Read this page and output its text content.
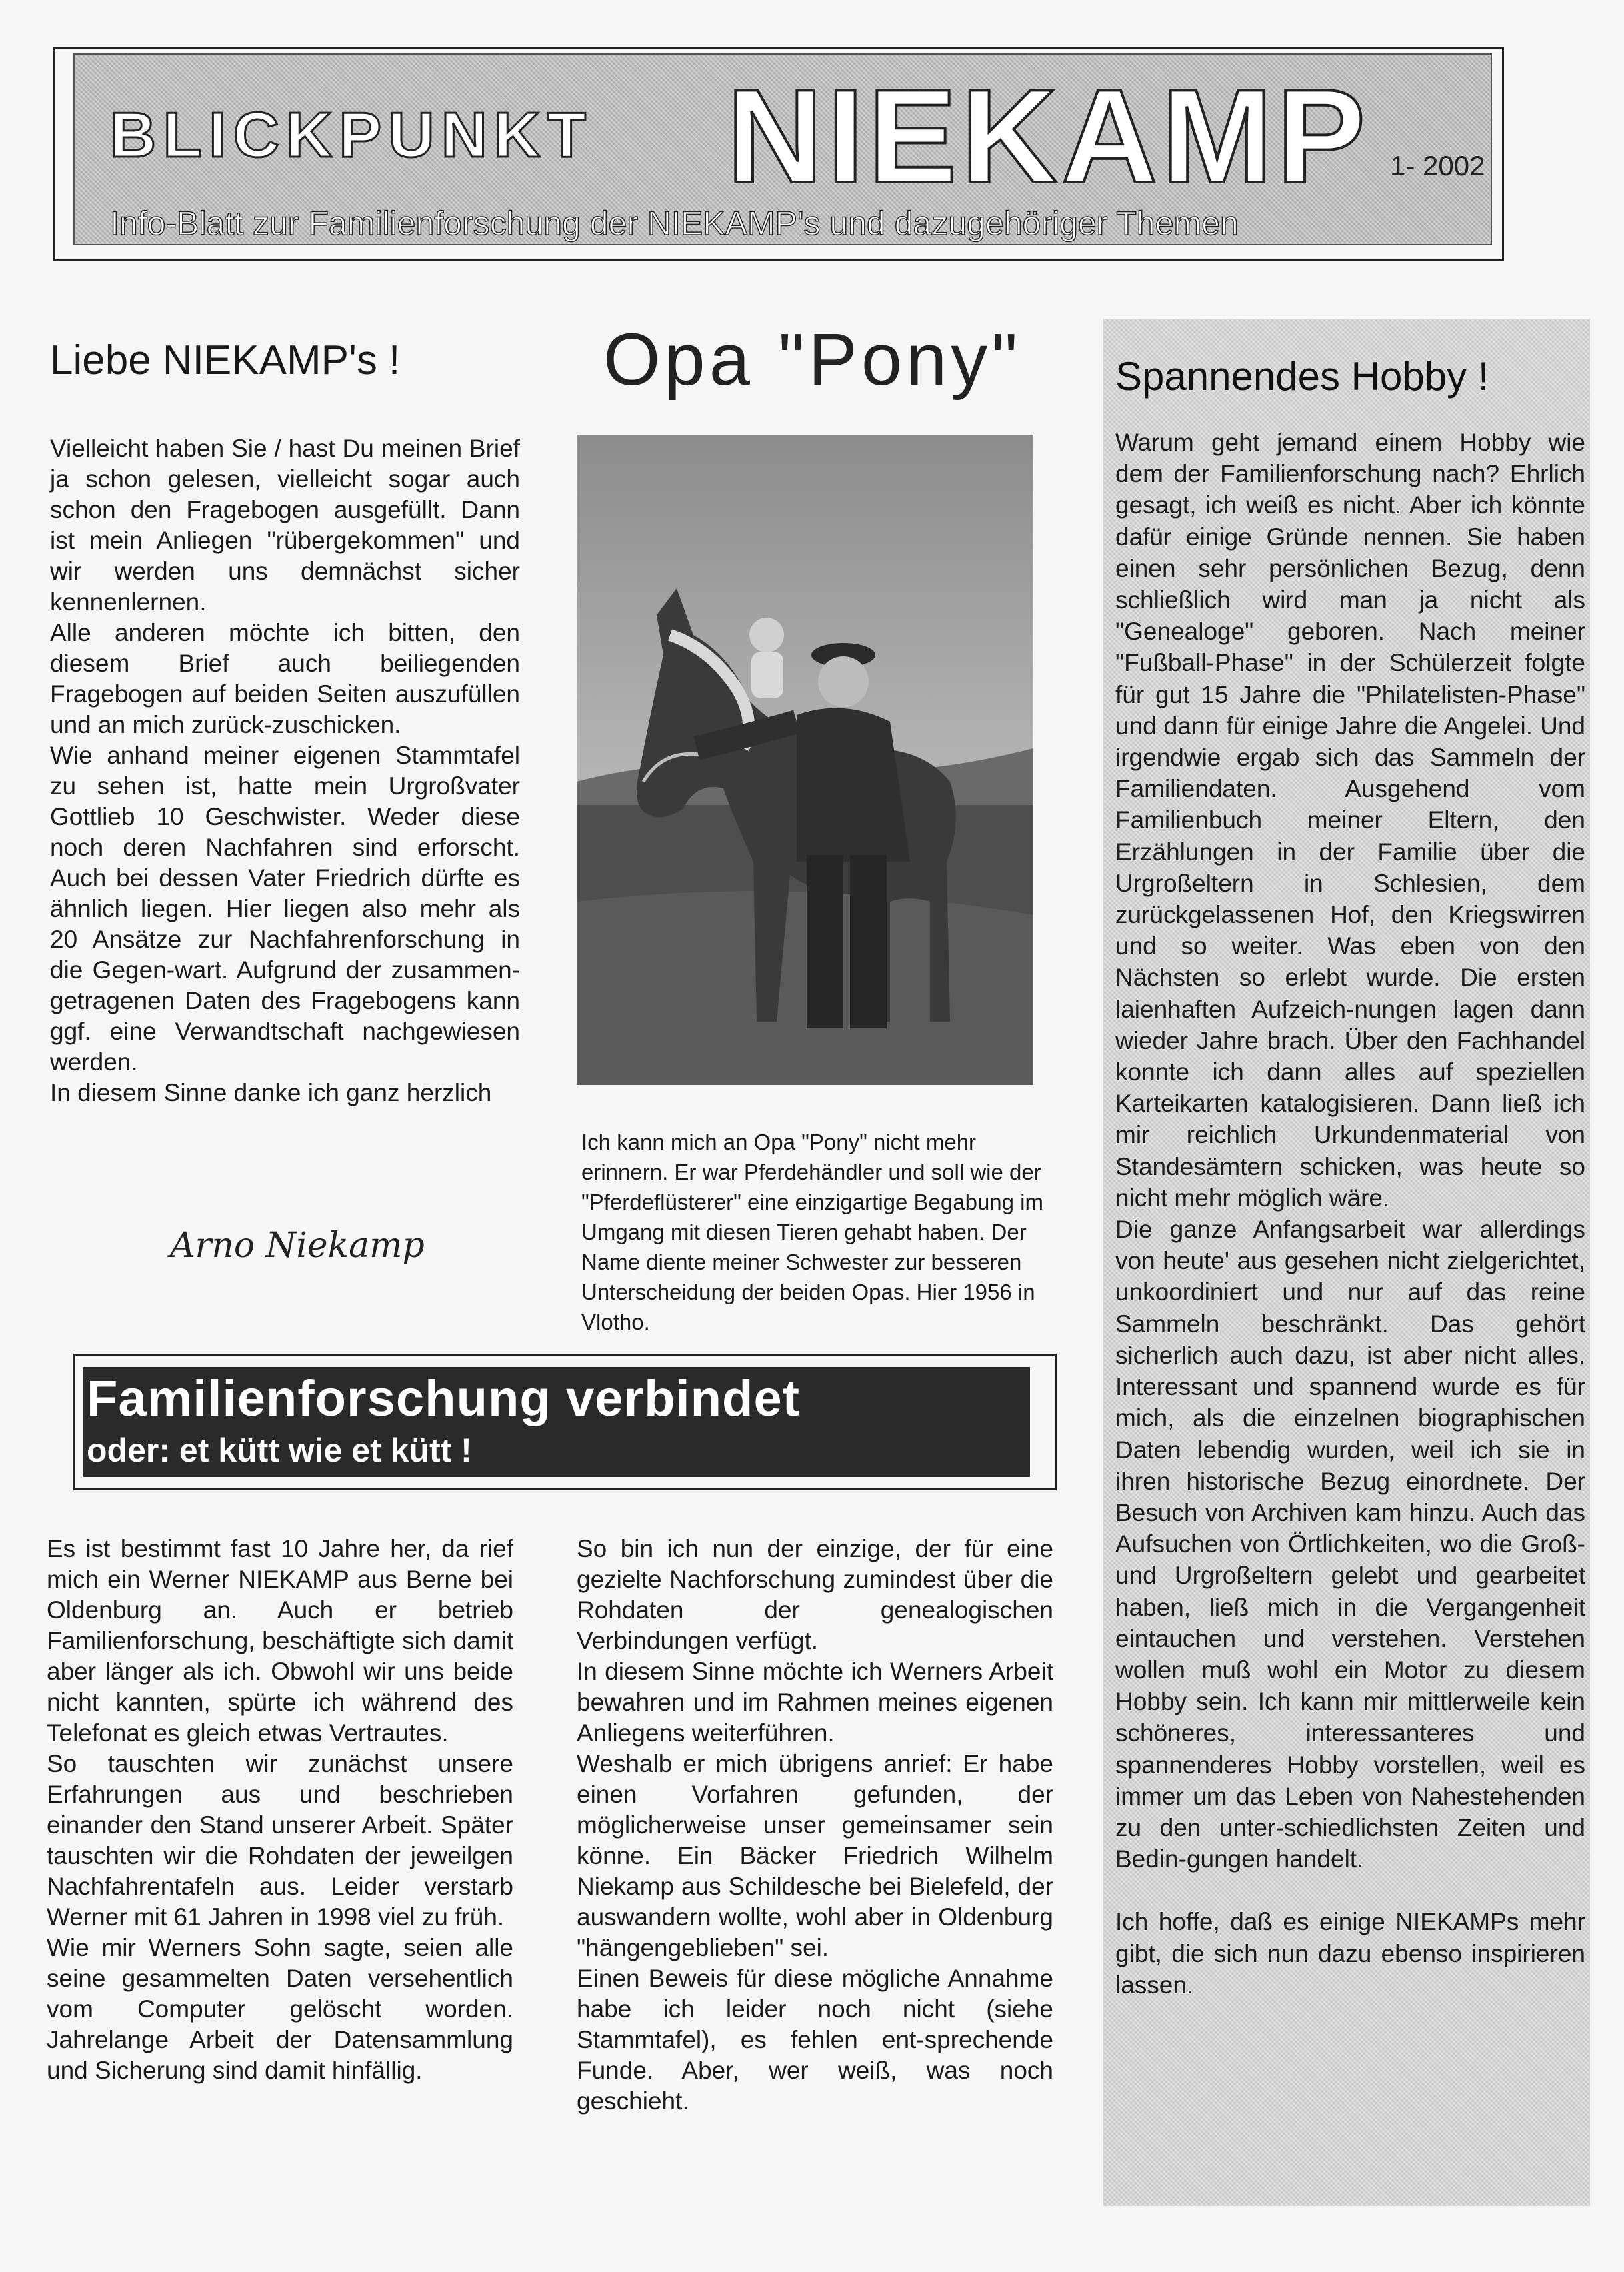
BLICKPUNKT NIEKAMP 1- 2002
Info-Blatt zur Familienforschung der NIEKAMP's und dazugehöriger Themen
Liebe NIEKAMP's !

Vielleicht haben Sie / hast Du meinen Brief ja schon gelesen, vielleicht sogar auch schon den Fragebogen ausgefüllt. Dann ist mein Anliegen "rübergekommen" und wir werden uns demnächst sicher kennenlernen.

Alle anderen möchte ich bitten, den diesem Brief auch beiliegenden Fragebogen auf beiden Seiten auszufüllen und an mich zurück-zuschicken.

Wie anhand meiner eigenen Stammtafel zu sehen ist, hatte mein Urgroßvater Gottlieb 10 Geschwister. Weder diese noch deren Nachfahren sind erforscht. Auch bei dessen Vater Friedrich dürfte es ähnlich liegen. Hier liegen also mehr als 20 Ansätze zur Nachfahrenforschung in die Gegen-wart. Aufgrund der zusammen-getragenen Daten des Fragebogens kann ggf. eine Verwandtschaft nachgewiesen werden.

In diesem Sinne danke ich ganz herzlich

Arno Niekamp
Opa "Pony"

Ich kann mich an Opa "Pony" nicht mehr erinnern. Er war Pferdehändler und soll wie der "Pferdeflüsterer" eine einzigartige Begabung im Umgang mit diesen Tieren gehabt haben. Der Name diente meiner Schwester zur besseren Unterscheidung der beiden Opas. Hier 1956 in Vlotho.

Spannendes Hobby !

Warum geht jemand einem Hobby wie dem der Familienforschung nach? Ehrlich gesagt, ich weiß es nicht. Aber ich könnte dafür einige Gründe nennen. Sie haben einen sehr persönlichen Bezug, denn schließlich wird man ja nicht als "Genealoge" geboren. Nach meiner "Fußball-Phase" in der Schülerzeit folgte für gut 15 Jahre die "Philatelisten-Phase" und dann für einige Jahre die Angelei. Und irgendwie ergab sich das Sammeln der Familiendaten. Ausgehend vom Familienbuch meiner Eltern, den Erzählungen in der Familie über die Urgroßeltern in Schlesien, dem zurückgelassenen Hof, den Kriegswirren und so weiter. Was eben von den Nächsten so erlebt wurde. Die ersten laienhaften Aufzeich-nungen lagen dann wieder Jahre brach. Über den Fachhandel konnte ich dann alles auf speziellen Karteikarten katalogisieren. Dann ließ ich mir reichlich Urkundenmaterial von Standesämtern schicken, was heute so nicht mehr möglich wäre.

Die ganze Anfangsarbeit war allerdings von heute' aus gesehen nicht zielgerichtet, unkoordiniert und nur auf das reine Sammeln beschränkt. Das gehört sicherlich auch dazu, ist aber nicht alles. Interessant und spannend wurde es für mich, als die einzelnen biographischen Daten lebendig wurden, weil ich sie in ihren historische Bezug einordnete. Der Besuch von Archiven kam hinzu. Auch das Aufsuchen von Örtlichkeiten, wo die Groß- und Urgroßeltern gelebt und gearbeitet haben, ließ mich in die Vergangenheit eintauchen und verstehen. Verstehen wollen muß wohl ein Motor zu diesem Hobby sein. Ich kann mir mittlerweile kein schöneres, interessanteres und spannenderes Hobby vorstellen, weil es immer um das Leben von Nahestehenden zu den unter-schiedlichsten Zeiten und Bedin-gungen handelt.

Ich hoffe, daß es einige NIEKAMPs mehr gibt, die sich nun dazu ebenso inspirieren lassen.

Familienforschung verbindet
oder: et kütt wie et kütt !

Es ist bestimmt fast 10 Jahre her, da rief mich ein Werner NIEKAMP aus Berne bei Oldenburg an. Auch er betrieb Familienforschung, beschäftigte sich damit aber länger als ich. Obwohl wir uns beide nicht kannten, spürte ich während des Telefonat es gleich etwas Vertrautes.

So tauschten wir zunächst unsere Erfahrungen aus und beschrieben einander den Stand unserer Arbeit. Später tauschten wir die Rohdaten der jeweilgen Nachfahrentafeln aus. Leider verstarb Werner mit 61 Jahren in 1998 viel zu früh.

Wie mir Werners Sohn sagte, seien alle seine gesammelten Daten versehentlich vom Computer gelöscht worden. Jahrelange Arbeit der Datensammlung und Sicherung sind damit hinfällig.

So bin ich nun der einzige, der für eine gezielte Nachforschung zumindest über die Rohdaten der genealogischen Verbindungen verfügt.

In diesem Sinne möchte ich Werners Arbeit bewahren und im Rahmen meines eigenen Anliegens weiterführen.

Weshalb er mich übrigens anrief: Er habe einen Vorfahren gefunden, der möglicherweise unser gemeinsamer sein könne. Ein Bäcker Friedrich Wilhelm Niekamp aus Schildesche bei Bielefeld, der auswandern wollte, wohl aber in Oldenburg "hängengeblieben" sei.

Einen Beweis für diese mögliche Annahme habe ich leider noch nicht (siehe Stammtafel), es fehlen ent-sprechende Funde. Aber, wer weiß, was noch geschieht.
